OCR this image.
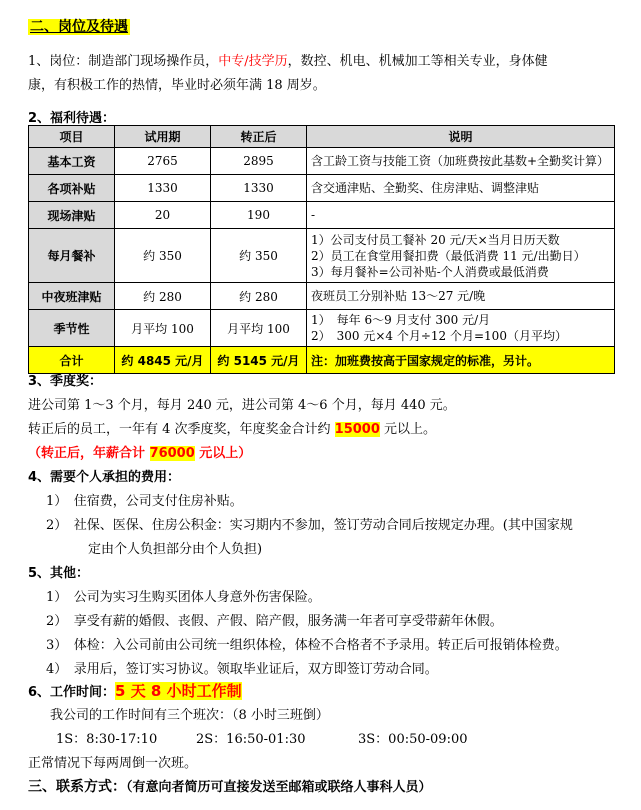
二、岗位及待遇
1、岗位：制造部门现场操作员，中专/技学历，数控、机电、机械加工等相关专业，身体健
康，有积极工作的热情，毕业时必须年满 18 周岁。
2、福利待遇：
项目	试用期	转正后	说明
基本工资	2765	2895	含工龄工资与技能工资（加班费按此基数+全勤奖计算）

各项补贴	1330	1330	含交通津贴、全勤奖、住房津贴、调整津贴

现场津贴	20	190	-

每月餐补	约 350	约 350	1）公司支付员工餐补 20 元/天×当月日历天数
2）员工在食堂用餐扣费（最低消费 11 元/出勤日）
3）每月餐补=公司补贴-个人消费或最低消费

中夜班津贴	约 280	约 280	夜班员工分别补贴 13～27 元/晚

季节性	月平均 100	月平均 100	1）　每年 6～9 月支付 300 元/月
2）　300 元×4 个月÷12 个月=100（月平均）

合计	约 4845 元/月	约 5145 元/月	注：加班费按高于国家规定的标准，另计。
3、季度奖：
进公司第 1～3 个月，每月 240 元，进公司第 4～6 个月，每月 440 元。
转正后的员工，一年有 4 次季度奖，年度奖金合计约 15000 元以上。
（转正后，年薪合计 76000 元以上）
4、需要个人承担的费用：
1）　住宿费，公司支付住房补贴。
2）　社保、医保、住房公积金：实习期内不参加，签订劳动合同后按规定办理。(其中国家规
定由个人负担部分由个人负担)
5、其他：
1）　公司为实习生购买团体人身意外伤害保险。
2）　享受有薪的婚假、丧假、产假、陪产假，服务满一年者可享受带薪年休假。
3）　体检：入公司前由公司统一组织体检，体检不合格者不予录用。转正后可报销体检费。
4）　录用后，签订实习协议。领取毕业证后，双方即签订劳动合同。
6、工作时间：5 天 8 小时工作制
我公司的工作时间有三个班次：（8 小时三班倒）
1S：8:30-17:10	2S：16:50-01:30	3S：00:50-09:00
正常情况下每两周倒一次班。
三、联系方式：（有意向者简历可直接发送至邮箱或联络人事科人员）
